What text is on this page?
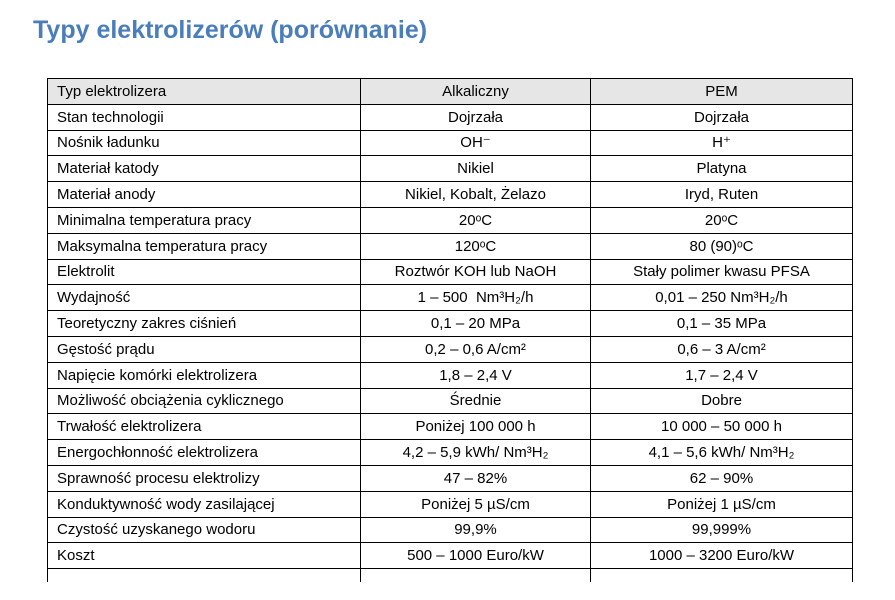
Typy elektrolizerów (porównanie)
Typ elektrolizera	Alkaliczny	PEM
Stan technologii	Dojrzała	Dojrzała
Nośnik ładunku	OH⁻	H⁺
Materiał katody	Nikiel	Platyna
Materiał anody	Nikiel, Kobalt, Żelazo	Iryd, Ruten
Minimalna temperatura pracy	20ᵒC	20ᵒC
Maksymalna temperatura pracy	120ᵒC	80 (90)ᵒC
Elektrolit	Roztwór KOH lub NaOH	Stały polimer kwasu PFSA
Wydajność	1 – 500  Nm³H₂/h	0,01 – 250 Nm³H₂/h
Teoretyczny zakres ciśnień	0,1 – 20 MPa	0,1 – 35 MPa
Gęstość prądu	0,2 – 0,6 A/cm²	0,6 – 3 A/cm²
Napięcie komórki elektrolizera	1,8 – 2,4 V	1,7 – 2,4 V
Możliwość obciążenia cyklicznego	Średnie	Dobre
Trwałość elektrolizera	Poniżej 100 000 h	10 000 – 50 000 h
Energochłonność elektrolizera	4,2 – 5,9 kWh/ Nm³H₂	4,1 – 5,6 kWh/ Nm³H₂
Sprawność procesu elektrolizy	47 – 82%	62 – 90%
Konduktywność wody zasilającej	Poniżej 5 µS/cm	Poniżej 1 µS/cm
Czystość uzyskanego wodoru	99,9%	99,999%
Koszt	500 – 1000 Euro/kW	1000 – 3200 Euro/kW
